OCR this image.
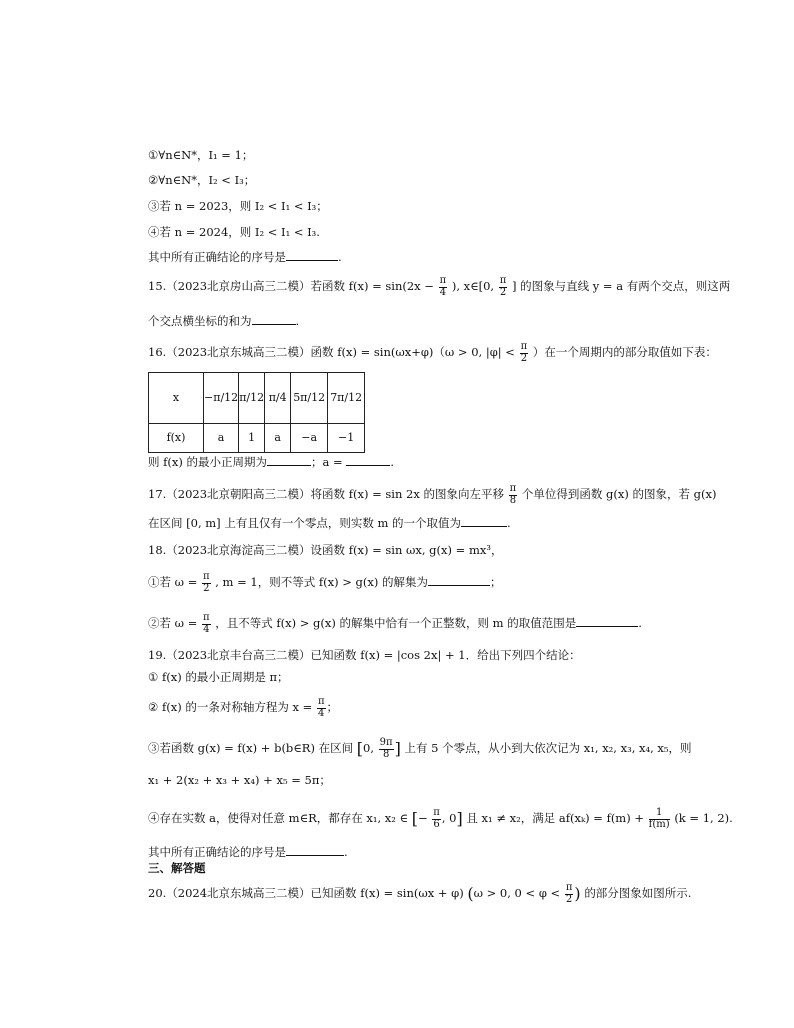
①∀n∈N*，I₁ = 1；
②∀n∈N*，I₂ < I₃；
③若 n = 2023，则 I₂ < I₁ < I₃；
④若 n = 2024，则 I₂ < I₁ < I₃.
其中所有正确结论的序号是	.
15.（2023北京房山高三二模）若函数 $f(x) = \sin(2x - \frac{\pi}{4}$ ), x∈[0, $\frac{\pi}{2}$ ] 的图象与直线 y = a 有两个交点，则这两
个交点横坐标的和为	.
16.（2023北京东城高三二模）函数 f(x) = sin(ωx+φ)（ω > 0, $|\varphi| < \frac{\pi}{2}$ ）在一个周期内的部分取值如下表：
x	−π/12	π/12	π/4	5π/12	7π/12
f(x)	a	1	a	−a	−1
则 f(x) 的最小正周期为	；a =	.
17.（2023北京朝阳高三二模）将函数 f(x) = sin 2x 的图象向左平移 $\frac{\pi}{8}$ 个单位得到函数 g(x) 的图象，若 g(x)
在区间 [0, m] 上有且仅有一个零点，则实数 m 的一个取值为	.
18.（2023北京海淀高三二模）设函数 f(x) = sin ωx, g(x) = mx³，
①若 $\omega = \frac{\pi}{2}$ , m = 1，则不等式 f(x) > g(x) 的解集为	；
②若 $\omega = \frac{\pi}{4}$ ，且不等式 f(x) > g(x) 的解集中恰有一个正整数，则 m 的取值范围是	.
19.（2023北京丰台高三二模）已知函数 f(x) = |cos 2x| + 1．给出下列四个结论：
① f(x) 的最小正周期是 π；
② f(x) 的一条对称轴方程为 $x = \frac{\pi}{4}$ ；
③若函数 g(x) = f(x) + b(b∈R) 在区间 [0, $\frac{9\pi}{8}$ ] 上有 5 个零点，从小到大依次记为 x₁, x₂, x₃, x₄, x₅，则
x₁ + 2(x₂ + x₃ + x₄) + x₅ = 5π；
④存在实数 a，使得对任意 m∈R，都存在 x₁, x₂ ∈ [− $\frac{\pi}{6}$ , 0] 且 x₁ ≠ x₂，满足 $af(x_k) = f(m) + \frac{1}{f(m)} (k = 1$, 2).
其中所有正确结论的序号是	.
三、解答题
20.（2024北京东城高三二模）已知函数 f(x) = sin(ωx + φ) (ω > 0, $0 < \varphi < \frac{\pi}{2}$ ) 的部分图象如图所示.
